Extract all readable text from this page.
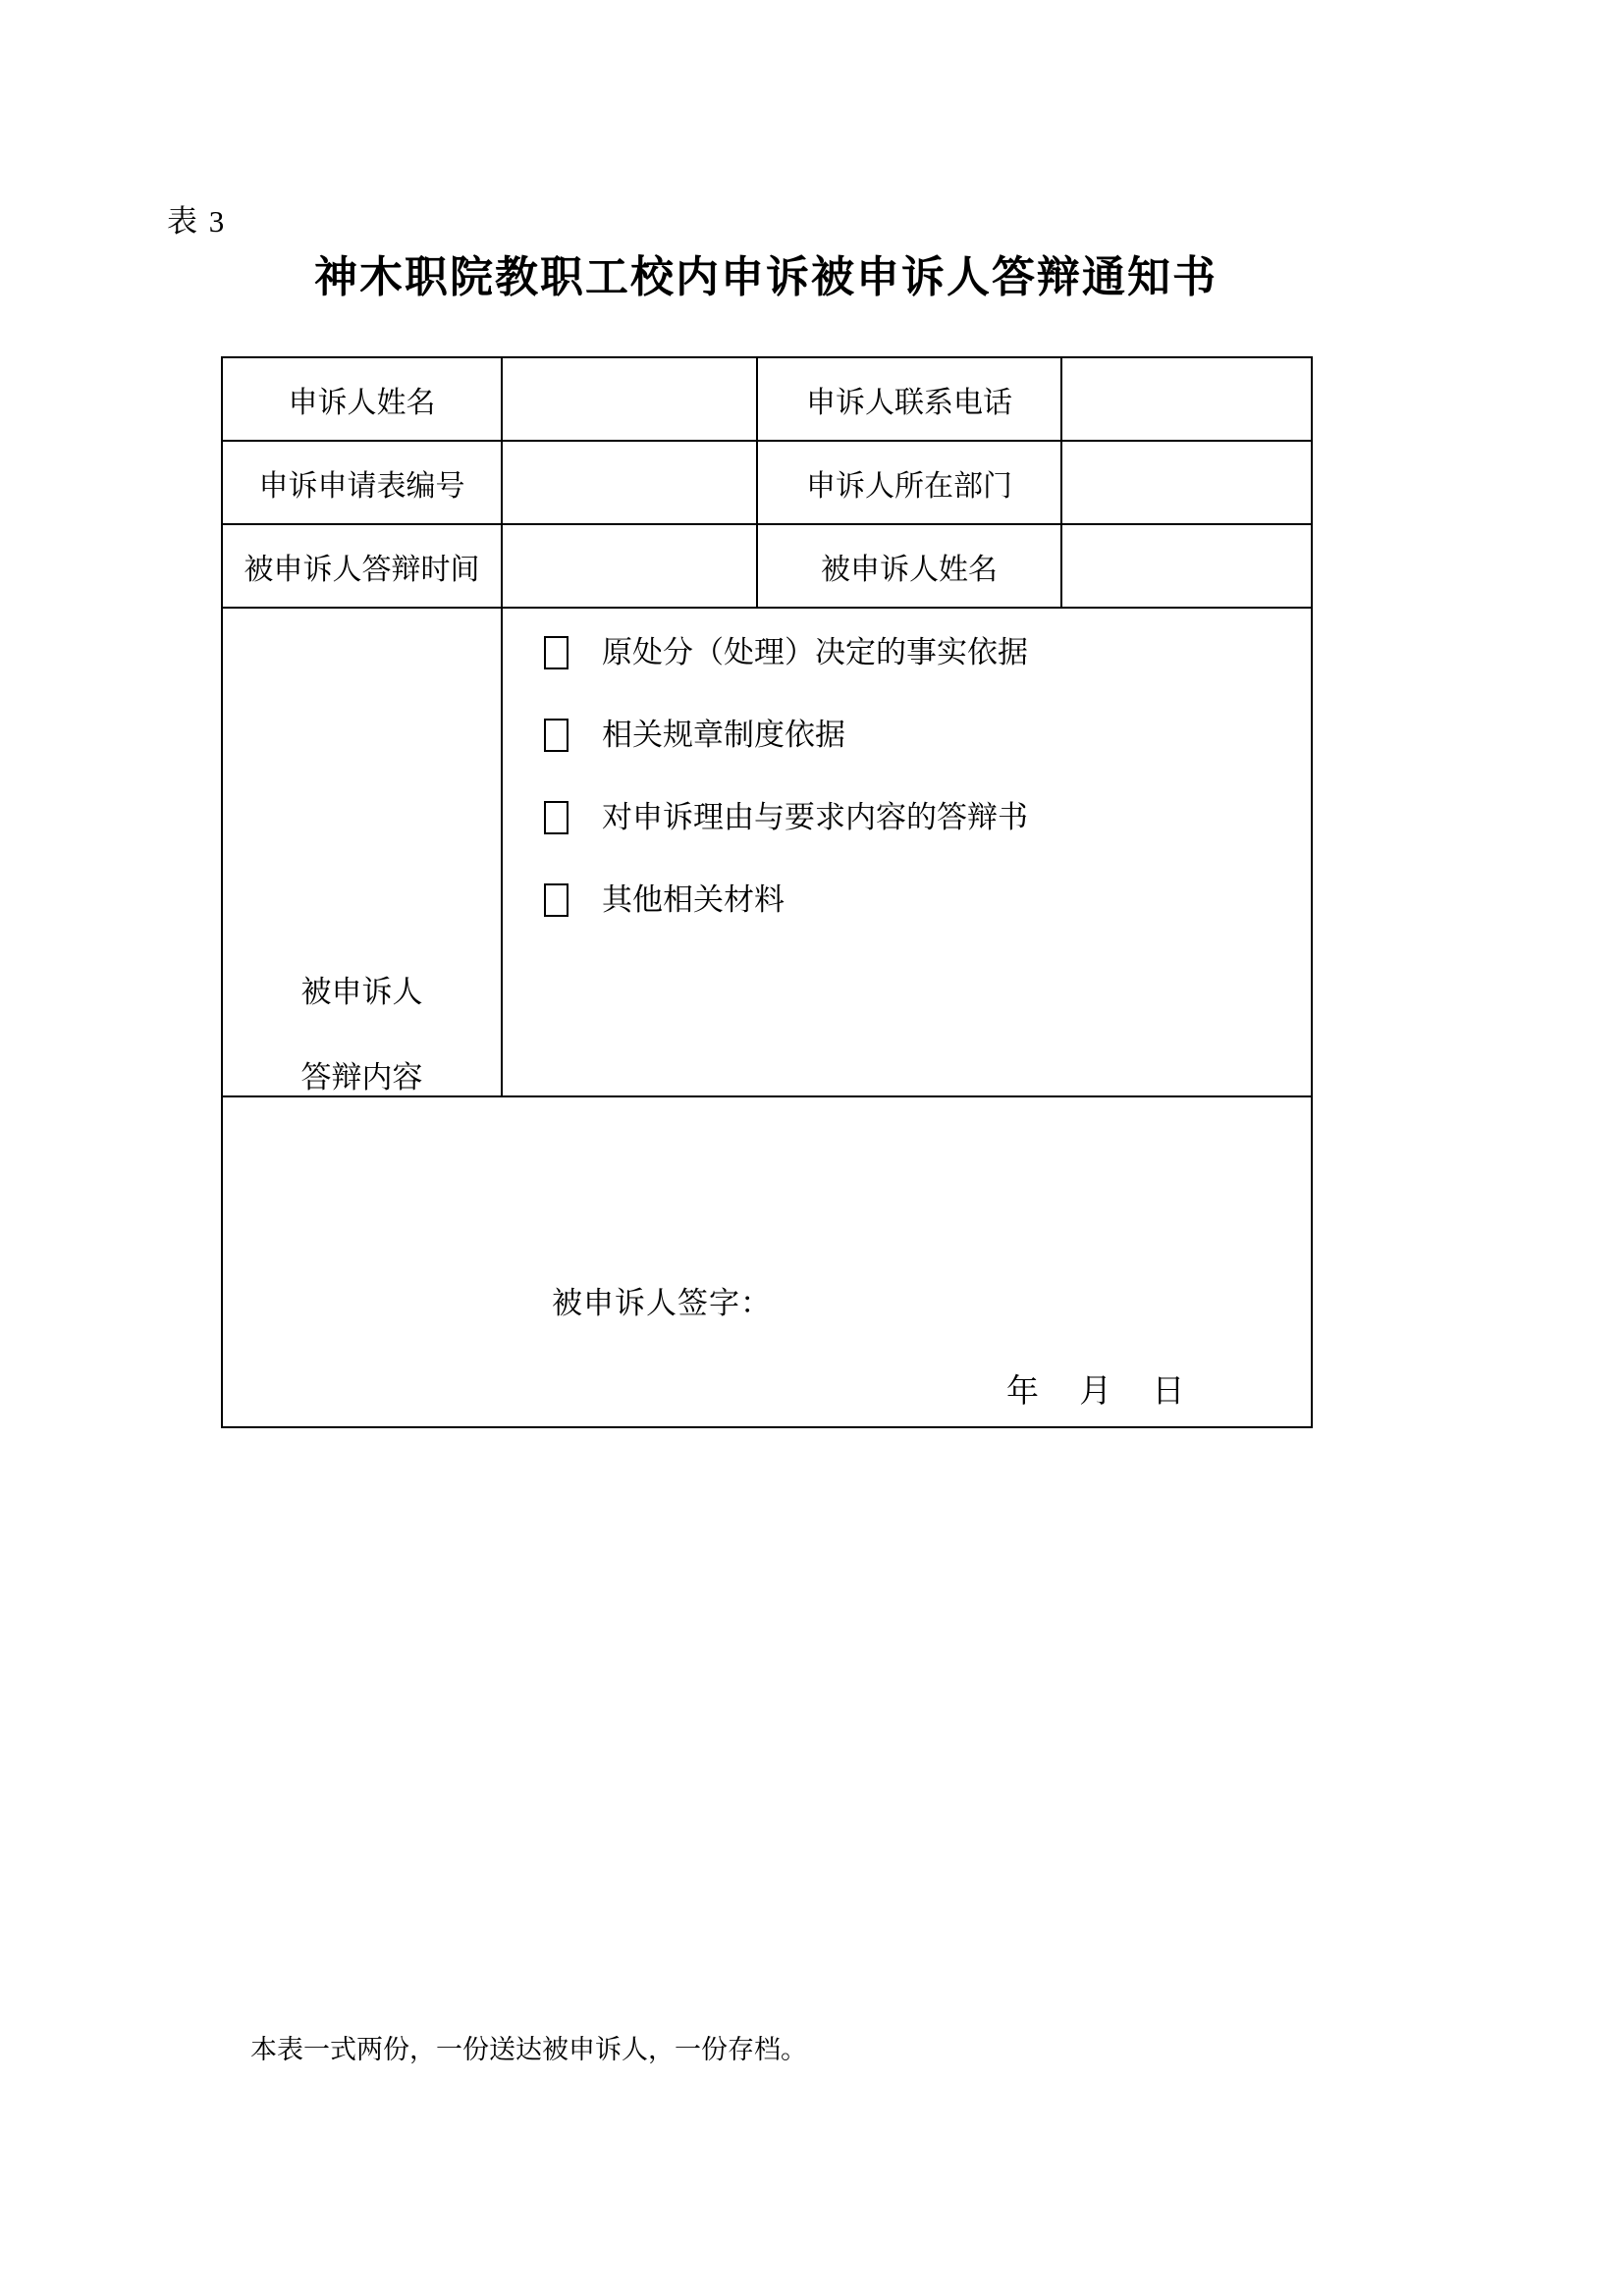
表 3
神木职院教职工校内申诉被申诉人答辩通知书
申诉人姓名		申诉人联系电话	
申诉申请表编号		申诉人所在部门	
被申诉人答辩时间		被申诉人姓名	

被申诉人
答辩内容

原处分（处理）决定的事实依据
相关规章制度依据
对申诉理由与要求内容的答辩书
其他相关材料

被申诉人签字：
年　 月　 日			
本表一式两份，一份送达被申诉人，一份存档。
